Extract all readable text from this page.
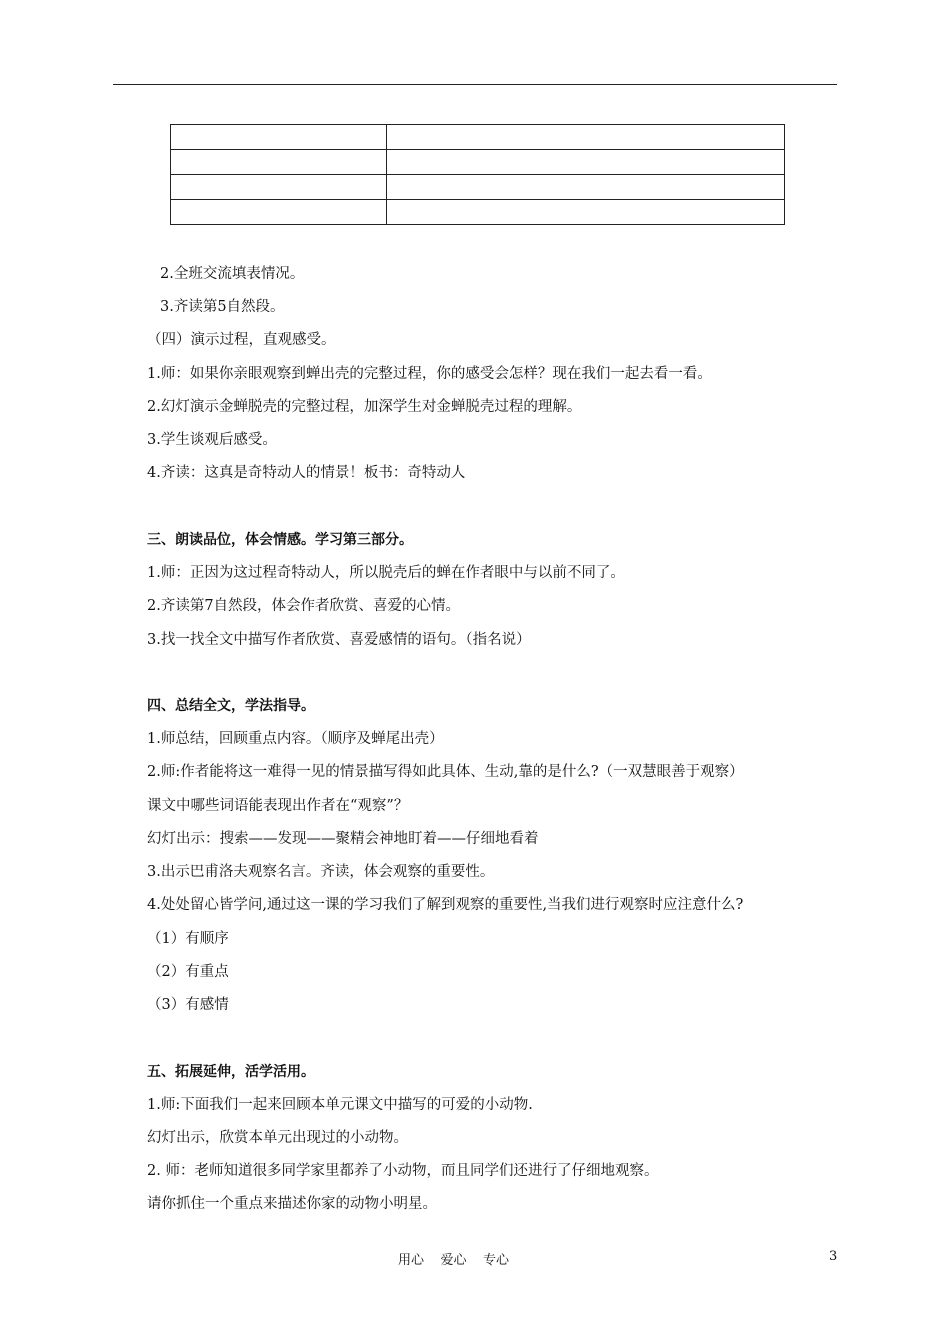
2.全班交流填表情况。
3.齐读第5自然段。
（四）演示过程，直观感受。
1.师：如果你亲眼观察到蝉出壳的完整过程，你的感受会怎样？现在我们一起去看一看。
2.幻灯演示金蝉脱壳的完整过程，加深学生对金蝉脱壳过程的理解。
3.学生谈观后感受。
4.齐读：这真是奇特动人的情景！板书：奇特动人
三、朗读品位，体会情感。学习第三部分。
1.师：正因为这过程奇特动人，所以脱壳后的蝉在作者眼中与以前不同了。
2.齐读第7自然段，体会作者欣赏、喜爱的心情。
3.找一找全文中描写作者欣赏、喜爱感情的语句。（指名说）
四、总结全文，学法指导。
1.师总结，回顾重点内容。（顺序及蝉尾出壳）
2.师:作者能将这一难得一见的情景描写得如此具体、生动,靠的是什么?（一双慧眼善于观察）
课文中哪些词语能表现出作者在“观察”？
幻灯出示：搜索——发现——聚精会神地盯着——仔细地看着
3.出示巴甫洛夫观察名言。齐读，体会观察的重要性。
4.处处留心皆学问,通过这一课的学习我们了解到观察的重要性,当我们进行观察时应注意什么?
（1）有顺序
（2）有重点
（3）有感情
五、拓展延伸，活学活用。
1.师:下面我们一起来回顾本单元课文中描写的可爱的小动物.
幻灯出示，欣赏本单元出现过的小动物。
2. 师：老师知道很多同学家里都养了小动物，而且同学们还进行了仔细地观察。
请你抓住一个重点来描述你家的动物小明星。
用心    爱心    专心	3
